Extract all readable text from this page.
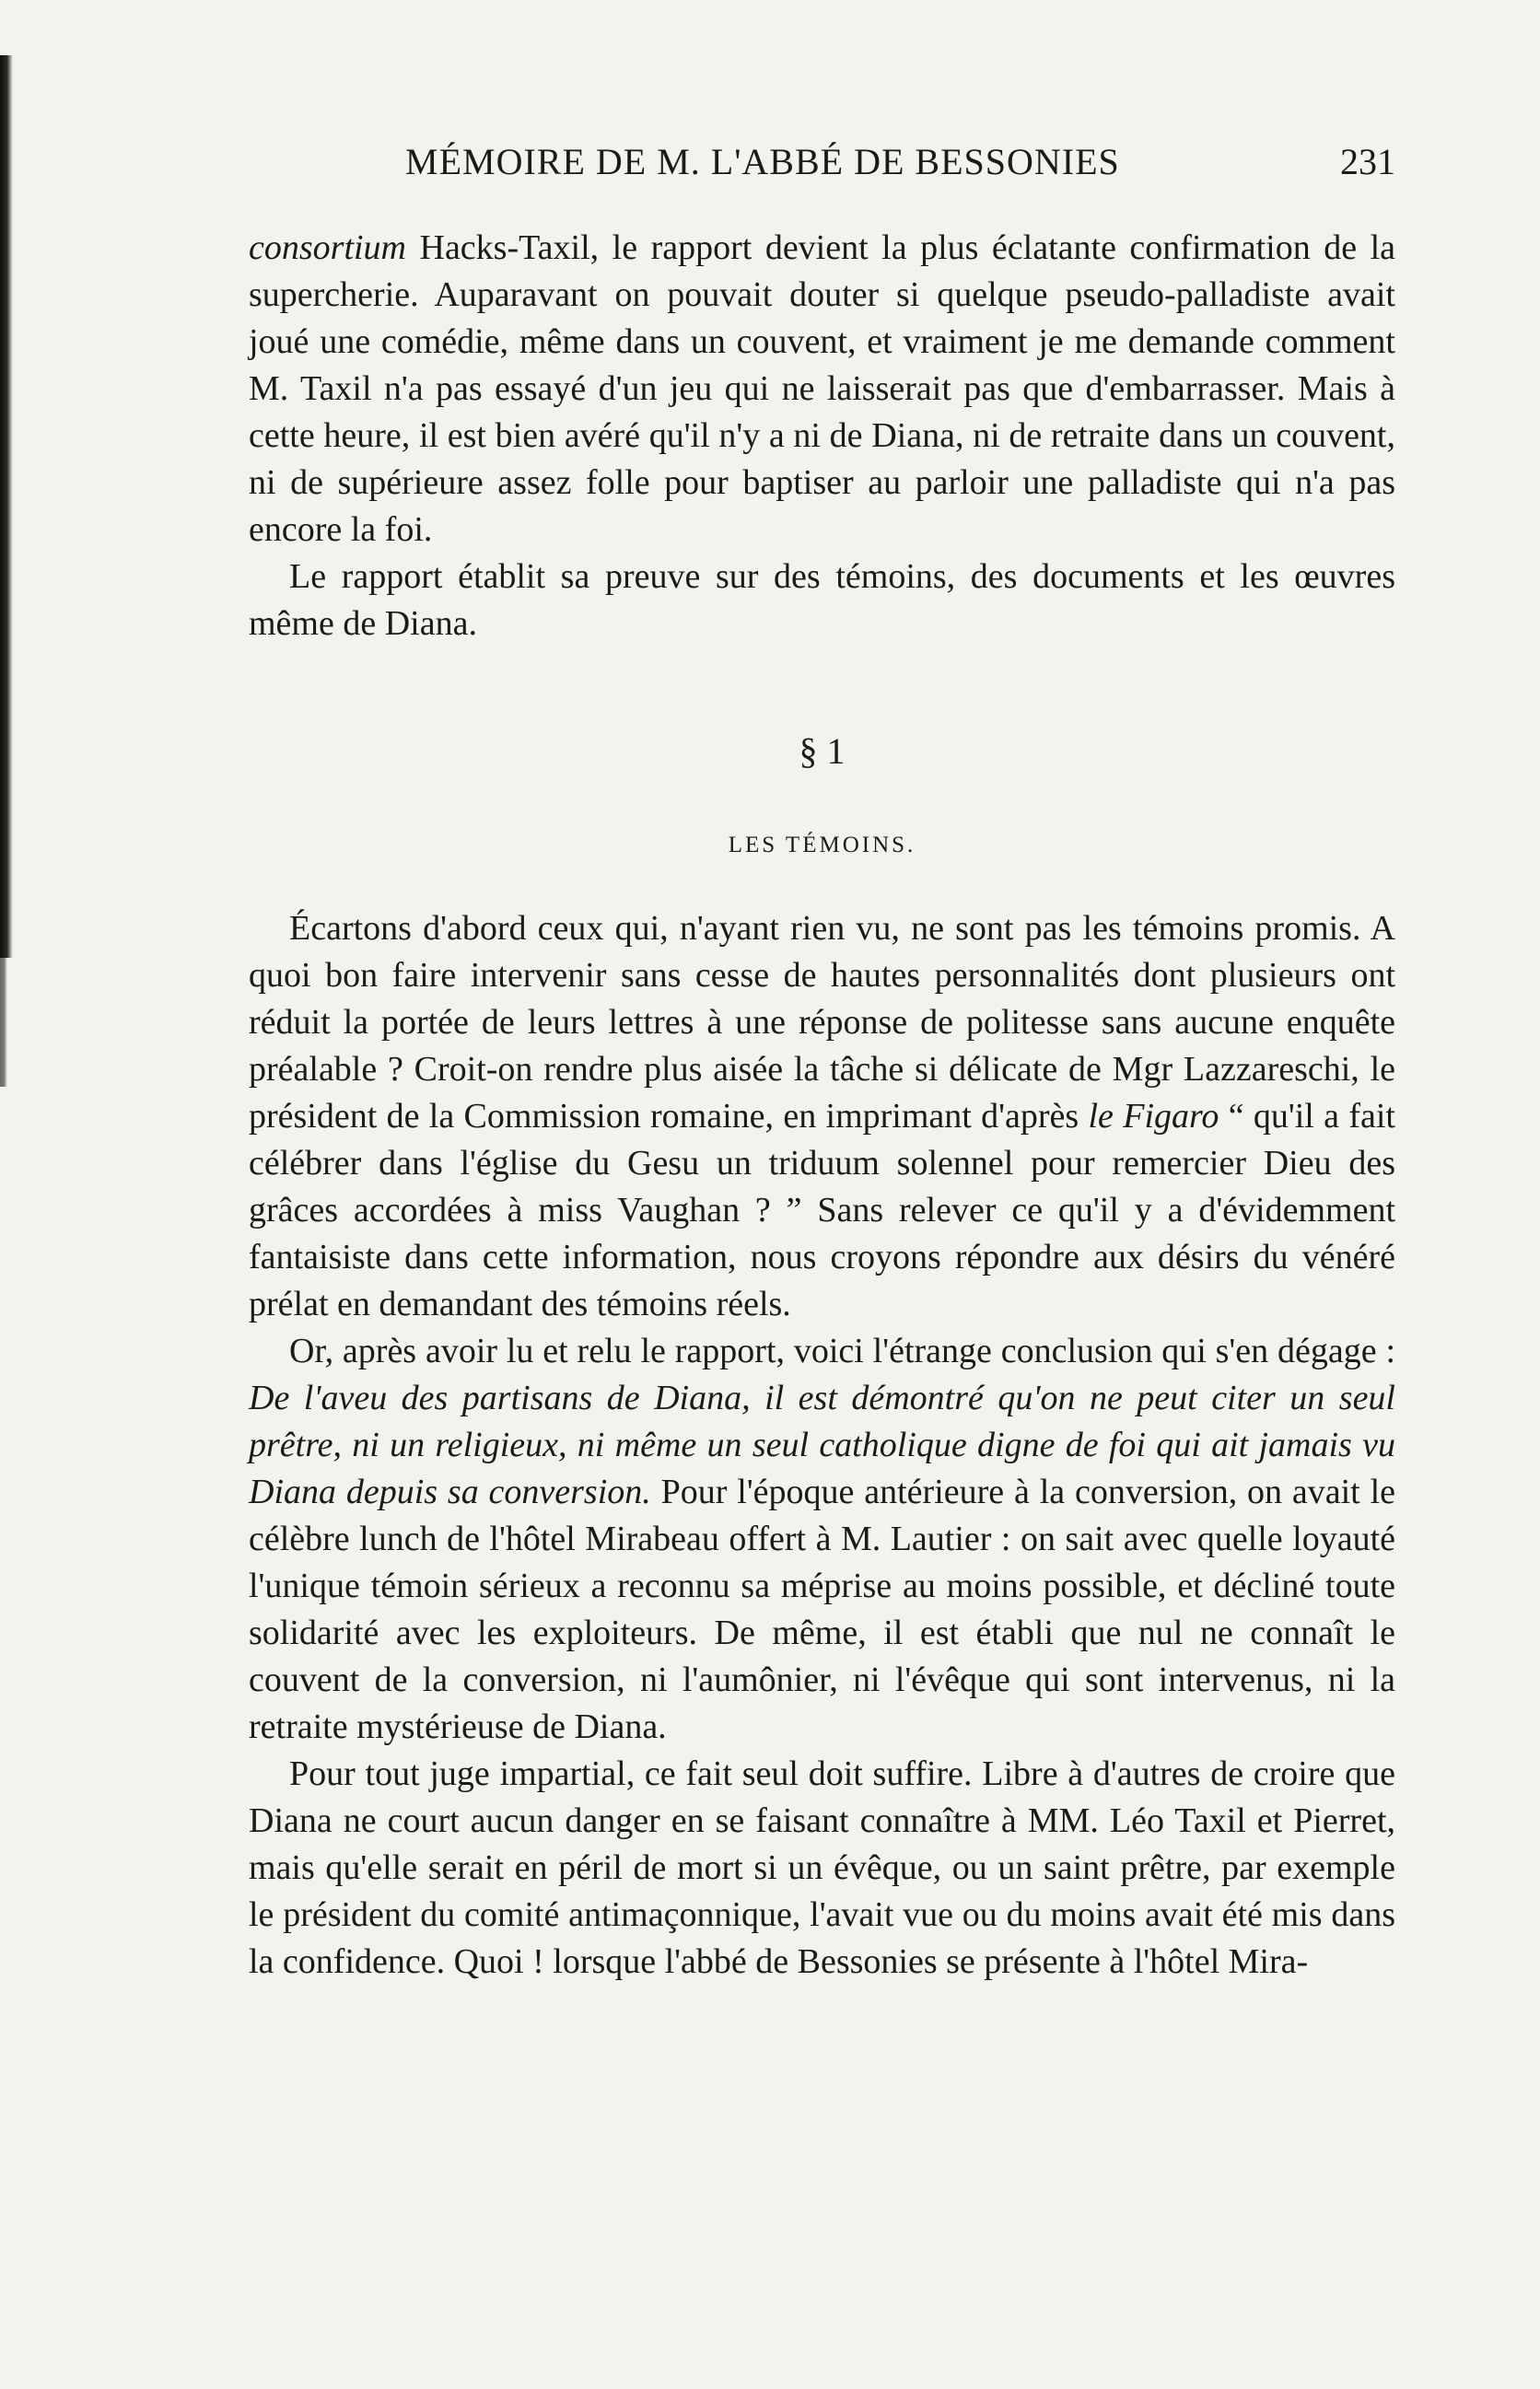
MÉMOIRE DE M. L'ABBÉ DE BESSONIES	231

consortium Hacks-Taxil, le rapport devient la plus éclatante confirmation de la supercherie. Auparavant on pouvait douter si quelque pseudo-palladiste avait joué une comédie, même dans un couvent, et vraiment je me demande comment M. Taxil n'a pas essayé d'un jeu qui ne laisserait pas que d'embarrasser. Mais à cette heure, il est bien avéré qu'il n'y a ni de Diana, ni de retraite dans un couvent, ni de supérieure assez folle pour baptiser au parloir une palladiste qui n'a pas encore la foi.

Le rapport établit sa preuve sur des témoins, des documents et les œuvres même de Diana.

§ 1
LES TÉMOINS.

Écartons d'abord ceux qui, n'ayant rien vu, ne sont pas les témoins promis. A quoi bon faire intervenir sans cesse de hautes personnalités dont plusieurs ont réduit la portée de leurs lettres à une réponse de politesse sans aucune enquête préalable ? Croit-on rendre plus aisée la tâche si délicate de Mgr Lazzareschi, le président de la Commission romaine, en imprimant d'après le Figaro “ qu'il a fait célébrer dans l'église du Gesu un triduum solennel pour remercier Dieu des grâces accordées à miss Vaughan ? ” Sans relever ce qu'il y a d'évidemment fantaisiste dans cette information, nous croyons répondre aux désirs du vénéré prélat en demandant des témoins réels.

Or, après avoir lu et relu le rapport, voici l'étrange conclusion qui s'en dégage : De l'aveu des partisans de Diana, il est démontré qu'on ne peut citer un seul prêtre, ni un religieux, ni même un seul catholique digne de foi qui ait jamais vu Diana depuis sa conversion. Pour l'époque antérieure à la conversion, on avait le célèbre lunch de l'hôtel Mirabeau offert à M. Lautier : on sait avec quelle loyauté l'unique témoin sérieux a reconnu sa méprise au moins possible, et décliné toute solidarité avec les exploiteurs. De même, il est établi que nul ne connaît le couvent de la conversion, ni l'aumônier, ni l'évêque qui sont intervenus, ni la retraite mystérieuse de Diana.

Pour tout juge impartial, ce fait seul doit suffire. Libre à d'autres de croire que Diana ne court aucun danger en se faisant connaître à MM. Léo Taxil et Pierret, mais qu'elle serait en péril de mort si un évêque, ou un saint prêtre, par exemple le président du comité antimaçonnique, l'avait vue ou du moins avait été mis dans la confidence. Quoi ! lorsque l'abbé de Bessonies se présente à l'hôtel Mira-
